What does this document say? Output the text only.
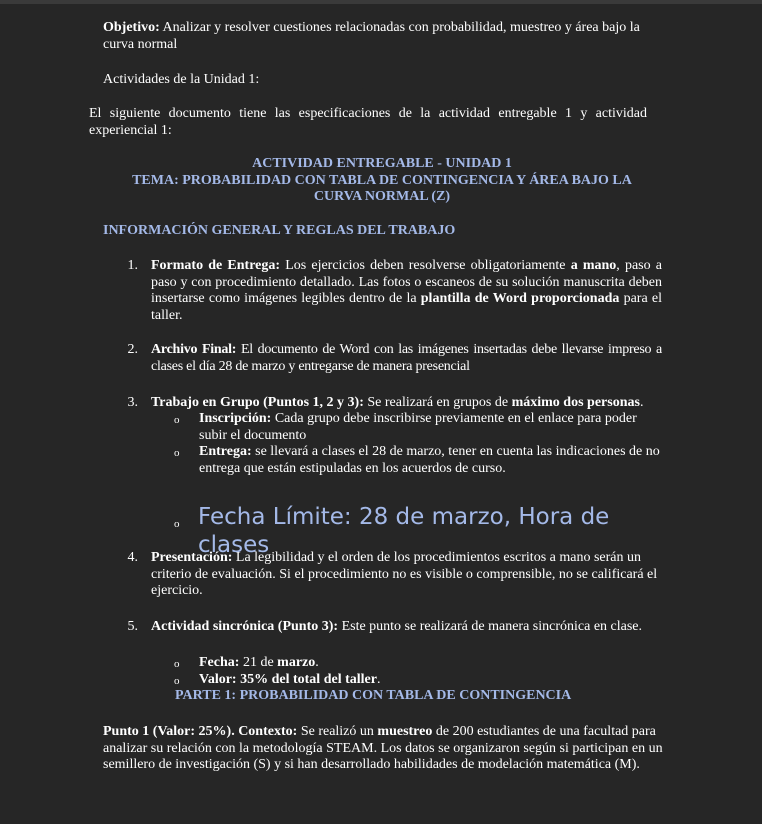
Objetivo: Analizar y resolver cuestiones relacionadas con probabilidad, muestreo y área bajo la curva normal

Actividades de la Unidad 1:

El siguiente documento tiene las especificaciones de la actividad entregable 1 y actividad experiencial 1:

ACTIVIDAD ENTREGABLE - UNIDAD 1
TEMA: PROBABILIDAD CON TABLA DE CONTINGENCIA Y ÁREA BAJO LA CURVA NORMAL (Z)

INFORMACIÓN GENERAL Y REGLAS DEL TRABAJO

1. Formato de Entrega: Los ejercicios deben resolverse obligatoriamente a mano, paso a paso y con procedimiento detallado. Las fotos o escaneos de su solución manuscrita deben insertarse como imágenes legibles dentro de la plantilla de Word proporcionada para el taller.

2. Archivo Final: El documento de Word con las imágenes insertadas debe llevarse impreso a clases el día 28 de marzo y entregarse de manera presencial

3. Trabajo en Grupo (Puntos 1, 2 y 3): Se realizará en grupos de máximo dos personas.

o Inscripción: Cada grupo debe inscribirse previamente en el enlace para poder subir el documento

o Entrega: se llevará a clases el 28 de marzo, tener en cuenta las indicaciones de no entrega que están estipuladas en los acuerdos de curso.

o Fecha Límite: 28 de marzo, Hora de clases

4. Presentación: La legibilidad y el orden de los procedimientos escritos a mano serán un criterio de evaluación. Si el procedimiento no es visible o comprensible, no se calificará el ejercicio.

5. Actividad sincrónica (Punto 3): Este punto se realizará de manera sincrónica en clase.

o Fecha: 21 de marzo.

o Valor: 35% del total del taller.

PARTE 1: PROBABILIDAD CON TABLA DE CONTINGENCIA

Punto 1 (Valor: 25%). Contexto: Se realizó un muestreo de 200 estudiantes de una facultad para analizar su relación con la metodología STEAM. Los datos se organizaron según si participan en un semillero de investigación (S) y si han desarrollado habilidades de modelación matemática (M).
